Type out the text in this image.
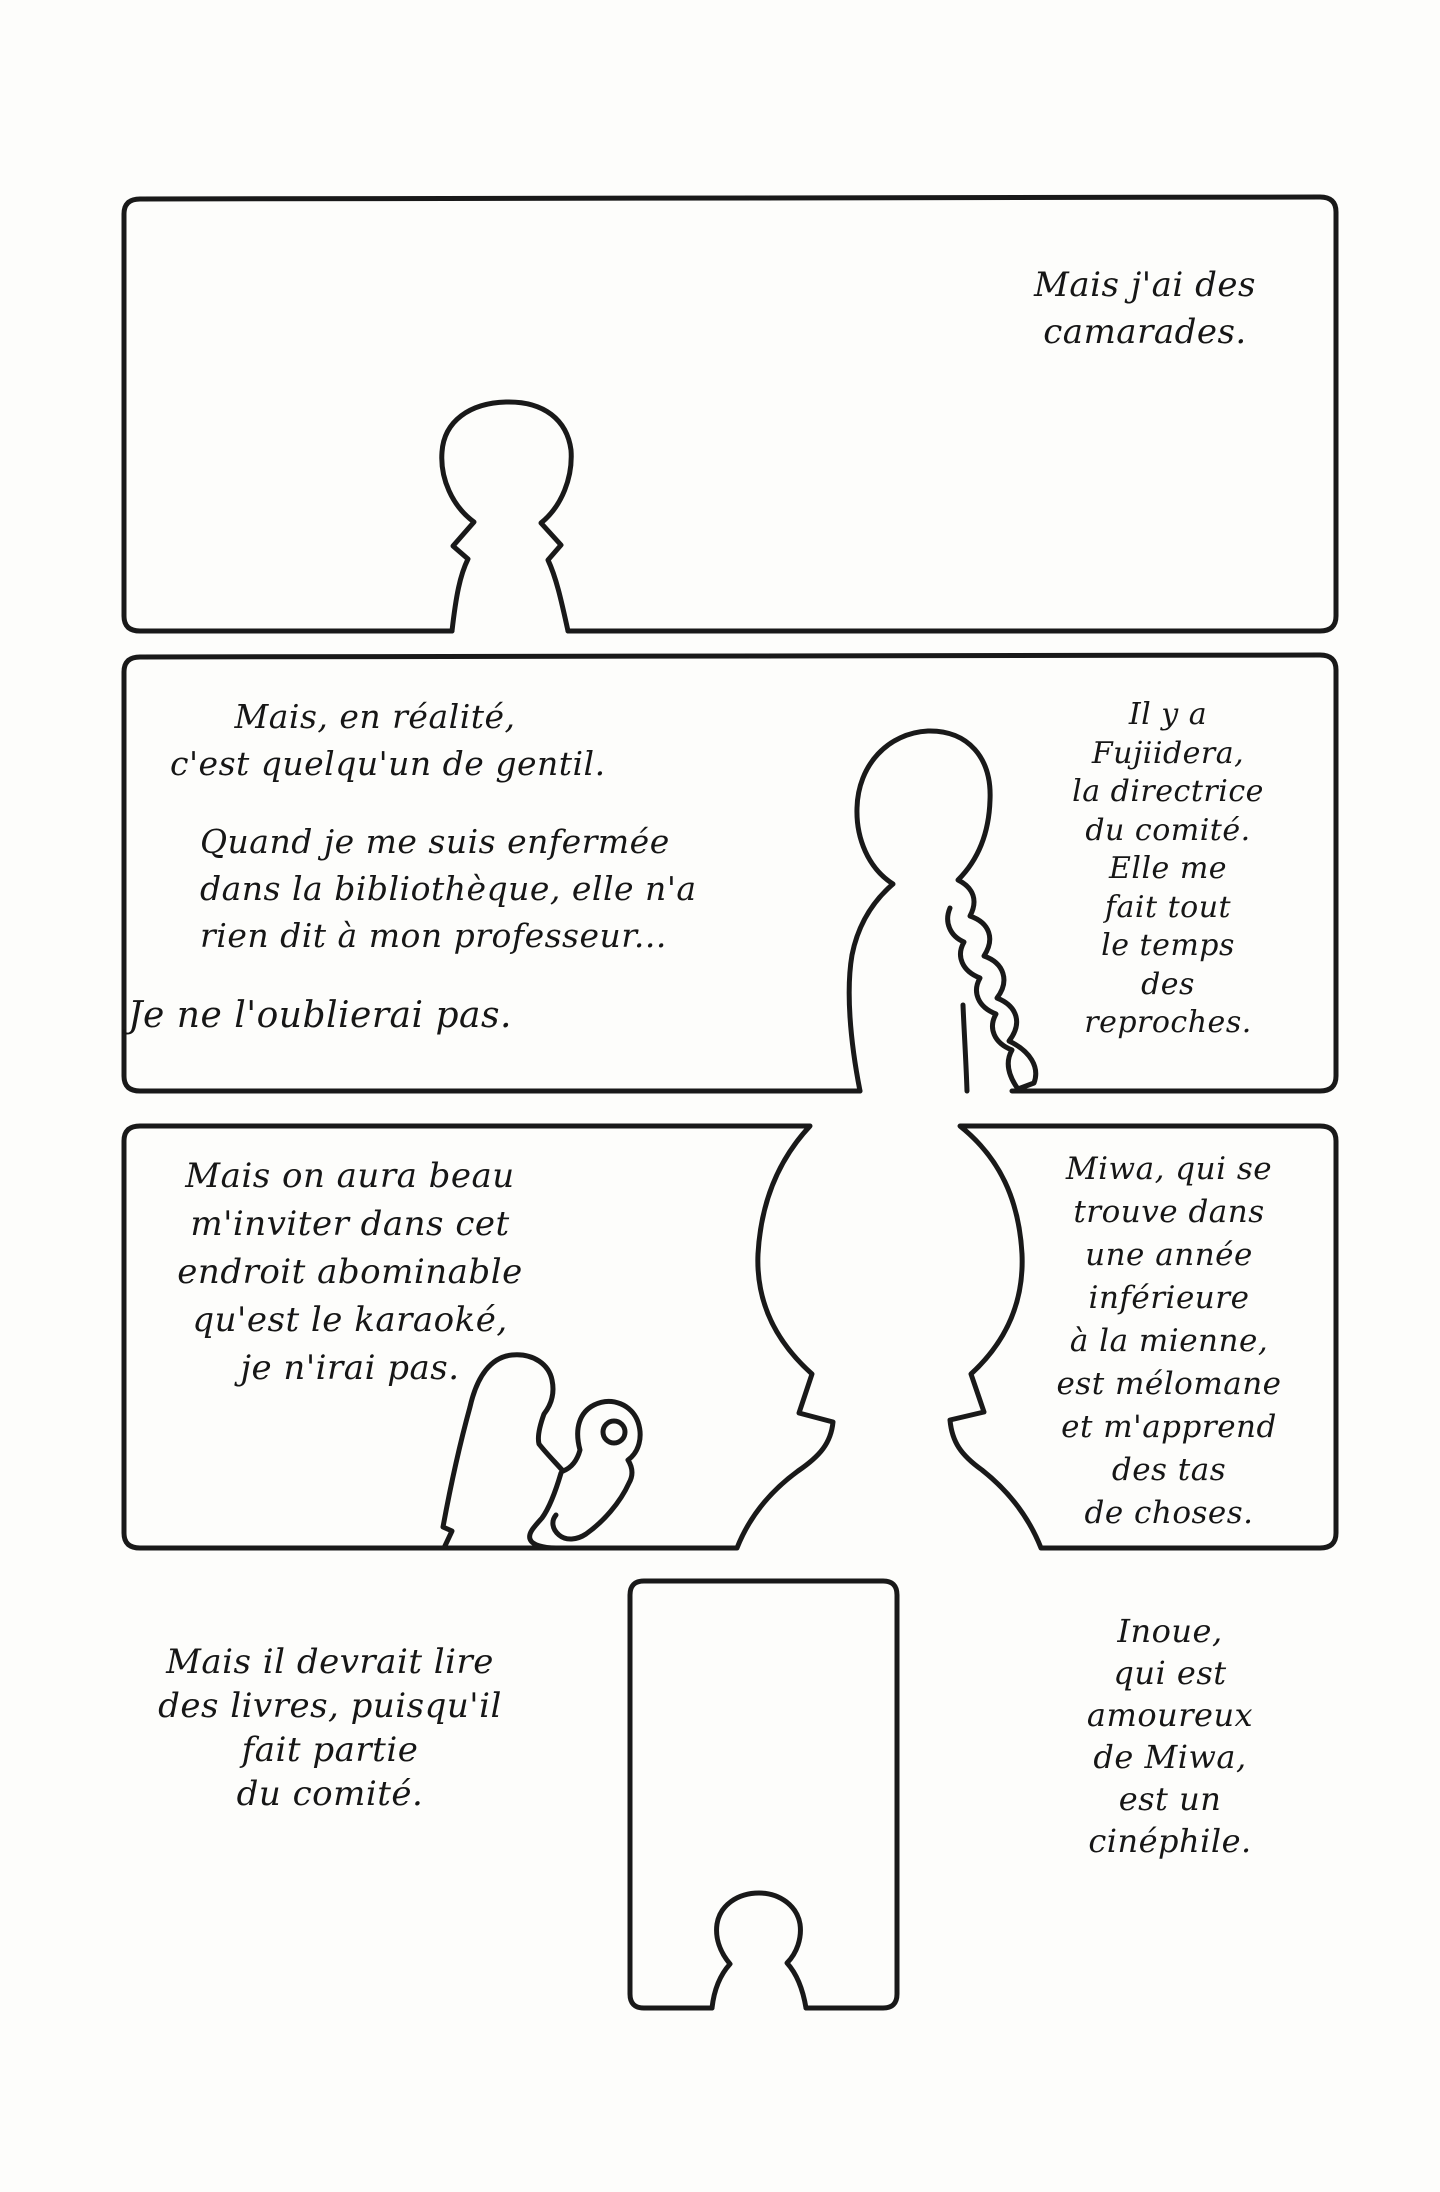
Mais j'ai des
camarades.
Mais, en réalité,
c'est quelqu'un de gentil.
Quand je me suis enfermée
dans la bibliothèque, elle n'a
rien dit à mon professeur...
Je ne l'oublierai pas.
Il y a
Fujiidera,
la directrice
du comité.
Elle me
fait tout
le temps
des
reproches.
Mais on aura beau
m'inviter dans cet
endroit abominable
qu'est le karaoké,
je n'irai pas.
Miwa, qui se
trouve dans
une année
inférieure
à la mienne,
est mélomane
et m'apprend
des tas
de choses.
Mais il devrait lire
des livres, puisqu'il
fait partie
du comité.
Inoue,
qui est
amoureux
de Miwa,
est un
cinéphile.
